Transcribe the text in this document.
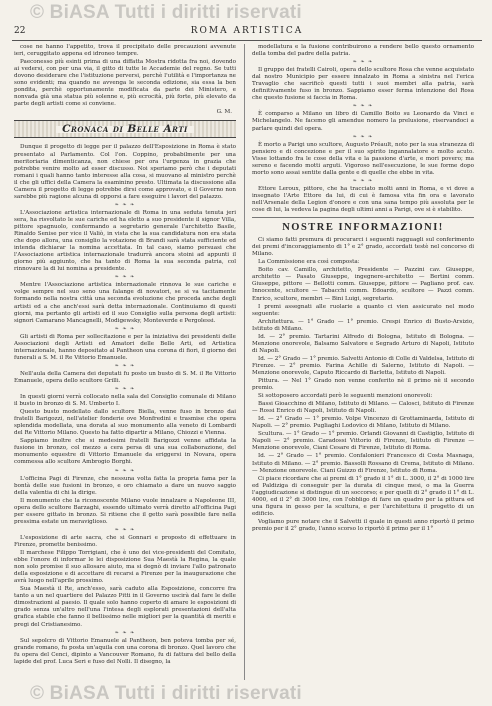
© BiASA Tutti i diritti riservati
22	ROMA ARTISTICA

cose ne hanno l'appetito, trova il precipitato delle precauzioni avvenute ieri, ceruggitato appena ed idroneo tempre.

Paeconesso più esinti prima di una diffatta Mostra ridotta fra noi, dovendo ai vedersi, con per una via, il gitto di tutte le Accademie del regno. Se tutti dovono desiderare che l'istituzione perversi, perchè l'utilità e l'importanza ne sono evidenti; ma quando ne avvenga le seconda edizione, sia essa la ben pondita, perchè opportunamente modificata da parte dei Ministero, e nonvada già una statua più solenne e, più ecrocità, più forte, più elevato da parte degli artisti come si conviene.

G. M.
Cronaca di Belle Arti

Dunque il progetto di legge per il palazzo dell'Esposizione in Roma è stato presentato al Parlamento. Col l'on. Coppino, probabilmente per una meritoriaria dimenticanza, non chiese per ora l'urgenza in grazia che potrebbe venire molto ad esser discusso. Noi speriamo però che i deputati romani i quali hanno tanto interesse alla cosa, si muovano al ministro perchè il che gli uffici della Camera la esaminino presto. Ultimata la discussione alla Camera il progetto di legge potrebbe dirsi come approvato, e il Governo non sarebbe più ragione alcuna di opporsi a fare eseguire i lavori del palazzo.

❧ ❧ ❧

L'Associazione artistica internazionale di Roma in una seduta tenuta jeri sera, ha risvoltato le sue cariche ed ha eletto a suo presidente il signor Villa, pittore spagnuolo, confermando a segretario generale l'architetto Basile, Rinaldo Senise per vice il Valiò, in vista che la sua candidatura non era stata che dopo allora, una consiglio la votazione di Brandi sarà stata sufficiente ed intenda dichiarar la nomina accettata. In tal caso, siamo persuasi che l'Associazione artistica internazionale tradurrà ancora stoini ad appunti il giorno più aggiunto, che ha tanto di Roma la sua seconda patria, col rinnovare la di lui nomina a presidente.

❧ ❧ ❧

Mentre l'Associazione artistica internazionale rinnova le sue cariche e volge sempre nel suo seno una falange di novatori, se si va tacitamente formando nella nostra città una seconda evoluzione che proceda anche degli artisti ed a che anch'essi sarà detta internazionale. Continuiamo di questi giorni, ma pertanto gli artisti ed il suo Consiglio sulla persona degli artisti: signori Camarano Mancagnelli, Modigewsky, Monteverde e Pergolessi.

❧ ❧ ❧

Gli artisti di Roma per sollecitazione e per la iniziativa dei presidenti delle Associazioni degli Artisti ed Amatori delle Belle Arti, ed Artistica internazionale, hanno depositato al Pantheon una corona di fiori, il giorno dei funerali a S. M. il Re Vittorio Emanuele.

❧ ❧ ❧

Nell'aula della Camera dei deputati fu posto un busto di S. M. il Re Vittorio Emanuele, opera dello scultore Grilli.

❧ ❧ ❧

In questi giorni verrà collocato nella sala del Consiglio comunale di Milano il busto in bronzo di S. M. Umberto I.

Questo busto modellato dallo scultore Biella, venne fuso in bronzo dai fratelli Barigozzi, nell'atelier fonderie ove Monfredini e trasmise che opera splendida modellata, una dorata al suo monumento alla veneto di Lombardi del Re Vittorio Milano. Questo ha fatto dipartir a Milano, Chiozzi e Vienna.

Sappiamo inoltre che si medesimi fratelli Barigozzi venne affidata la fusione in bronzo, col mezzo a cera persa di una sua collaborazione, del monumento equestre di Vittorio Emanuele da eriggersi in Novara, opera commessa allo scultore Ambrogio Borghi.

❧ ❧ ❧

L'officina Pagi di Firenze, che nessuna volta fatta la propria fama per la bontà delle sue fusioni in bronzo, e oro chiamato a dare un nuovo saggio della valentia di chi la dirige.

Il monumento che la riconoscente Milano vuole innalzare a Napoleone III, opera dello scultore Barzaghi, essendo ultimato verrà diretto all'officina Pagi per essere gittato in bronzo. Si ritiene che il getto sarà possibile fare nella pressima estate un meraviglioso.

❧ ❧ ❧

L'esposizione di arte sacra, che si Gonnari e proposto di effettuare in Firenze, promette benissimo.

Il marchese Filippo Torrigiani, che è uno dei vice-presidenti del Comitato, ebbe l'onore di informar le lei disposizione Sua Maestà la Regina, la quale non solo promise il suo allosare aiuto, ma si degnò di inviare l'allo patronato della esposizione e di accettare di recarsi a Firenze per la inaugurazione che avrà luogo nell'aprile prossimo.

Sua Maestà il Re, anch'esso, sarà caduto alla Esposizione, concorre fra tanto a un nel quartiere del Palazzo Pitti in il Governo uscirà dal fare le delle dimostrazioni al paesio. Il quale solo hanno coperto di amare le esposizioni di grado senza un'altro nell'una l'intesa degli esplorati presentazioni dell'alta grafica stabile che fanno il bellissimo nelle migliori per la quantità di meriti e pregi del Cristianesimo.

❧ ❧ ❧

Sul sepolcro di Vittorio Emanuele al Pantheon, ben poteva tomba per sé, grande romano, fu posta un'aquila con una corona di bronzo. Quel lavoro che fu opera del Cenci, dipinto a Vancouver Romano, fu di fattura del bello della lapide del prof. Luca Seri e fuso del Nolli. Il disegno, la

modellatura e la fusione contribuirono a rendere bello questo ornamento della tomba del padre della patria.

❧ ❧ ❧

Il gruppo dei fratelli Cairoli, opera dello scultore Rosa che venne acquistato dal nostro Municipio per essere innalzato in Roma a sinistra nel l'erica Travaglio che sacrificò questi tutti i suoi membri alla patria, sarà definitivamente fuso in bronzo. Sappiamo esser ferma intenzione del Rosa che questo fusione si faccia in Roma.

❧ ❧ ❧

È comparso a Milano un libro di Camillo Boito su Leonardo da Vinci e Michelangelo. Ne facemo gli amendue nomero la prelusione, riservandoci a parlare quindi del opera.

❧ ❧ ❧

È morto a Parigi uno scultore, Augusto Préault, noto per la sua stranezza di pensiero e di concezione e per il suo spirito ingannalatore e molto acuto. Visse lottando fra le cose della vita e la passione d'arte, e mori povero; ma sereno e facendo motti arguti. Vigoroso nell'esecuzione, le sue forme dopo morto sono assai sentite dalla gente e di quelle che ebbe in vita.

❧ ❧ ❧

Ettore Leroux, pittore, che ha tracciato molti anni in Roma, e vi dove a insegnato l'Arte Ettore da lui, di cui è famosa vita fin ora e lavorato nell'Arsenale della Legion d'onore e con una sana tempo più assoluta per le cose di lui, la vedeva la pagina degli ultimi anni a Parigi, ove si è stabilito.

NOSTRE INFORMAZIONI!

Ci siamo fatti premura di procurarci i seguenti ragguagli sul conferimento dei premi d'incoraggiamento di 1° e 2° grado, accordati testè nel concorso di Milano.

La Commissione era così composta:

Boito cav. Camillo, architetto, Presidente — Pazzini cav. Giuseppe, architetto — Pasato Giuseppe, ingegnere-architetto — Bertini comm. Giuseppe, pittore — Bellotti comm. Giuseppe, pittore — Pagliano prof. cav. Innocente, scultore — Tabacchi comm. Edoardo, scultore — Pazzi comm. Enrico, scultore, membri — Bini Luigi, segretario.

I premi assegnati alle ruolarie a quanto ci vien assicurato nel modo seguente:

Architettura. — 1° Grado — 1° premio. Crespi Enrico di Busto-Arsizio, Istituto di Milano.

Id. — 2° premio. Tartarini Alfredo di Bologna, Istituto di Bologna. — Menzione onorevole, Balsamo Salvatore e Segrado Arturo di Napoli, Istituto di Napoli.

Id. — 2° Grado — 1° premio. Salvetti Antonio di Colle di Valdelsa, Istituto di Firenze. — 2° premio. Farina Achille di Salerno, Istituto di Napoli. — Menzione onorevole, Caputo Riccardo di Barletta, Istituto di Napoli.

Pittura. — Nel 1° Grado non venne conferito nè il primo nè il secondo premio.

Si sottoposero accordati però le seguenti menzioni onorevoli:

Bassi Gioacchino di Milano, Istituto di Milano. — Calosci, Istituto di Firenze — Rossi Enrico di Napoli, Istituto di Napoli.

Id. — 2° Grado — 1° premio. Volpe Vincenzo di Grottaminarda, Istituto di Napoli. — 2° premio. Pugliaghi Lodovico di Milano, Istituto di Milano.

Scultura. — 1° Grado — 1° premio. Orlandi Giovanni di Castiglio, Istituto di Napoli — 2° premio. Caradossi Vittorio di Firenze, Istituto di Firenze — Menzione onorevole, Ciani Cesare di Firenze, Istituto di Roma.

Id. — 2° Grado — 1° premio. Confalonieri Francesco di Costa Masnaga, Istituto di Milano. — 2° premio. Bassolli Rossano di Crema, Istituto di Milano. — Menzione onorevole. Ciani Guizzo di Firenze, Istituto di Roma.

Ci piace ricordare che ai premi di 1° grado il 1° di L. 3000, il 2° di 1000 lire ed Paldiziga di conseguir per la durata di cinque mesi, o ma la Guerra l'aggiudicazione si distingue di un soccorso; e per quelli di 2° grado il 1° di L. 4000, ed il 2° di 3000 lire, con l'obbligo di fare un quadro per la pittura ed una figura in gesso per la scultura, e per l'architettura il progetto di un edificio.

Vogliamo pure notare che il Salvetti il quale in questi anno riportò il primo premio per il 2° grado, l'anno scorso lo riportò il primo per il 1°

© BiASA Tutti i diritti riservati
